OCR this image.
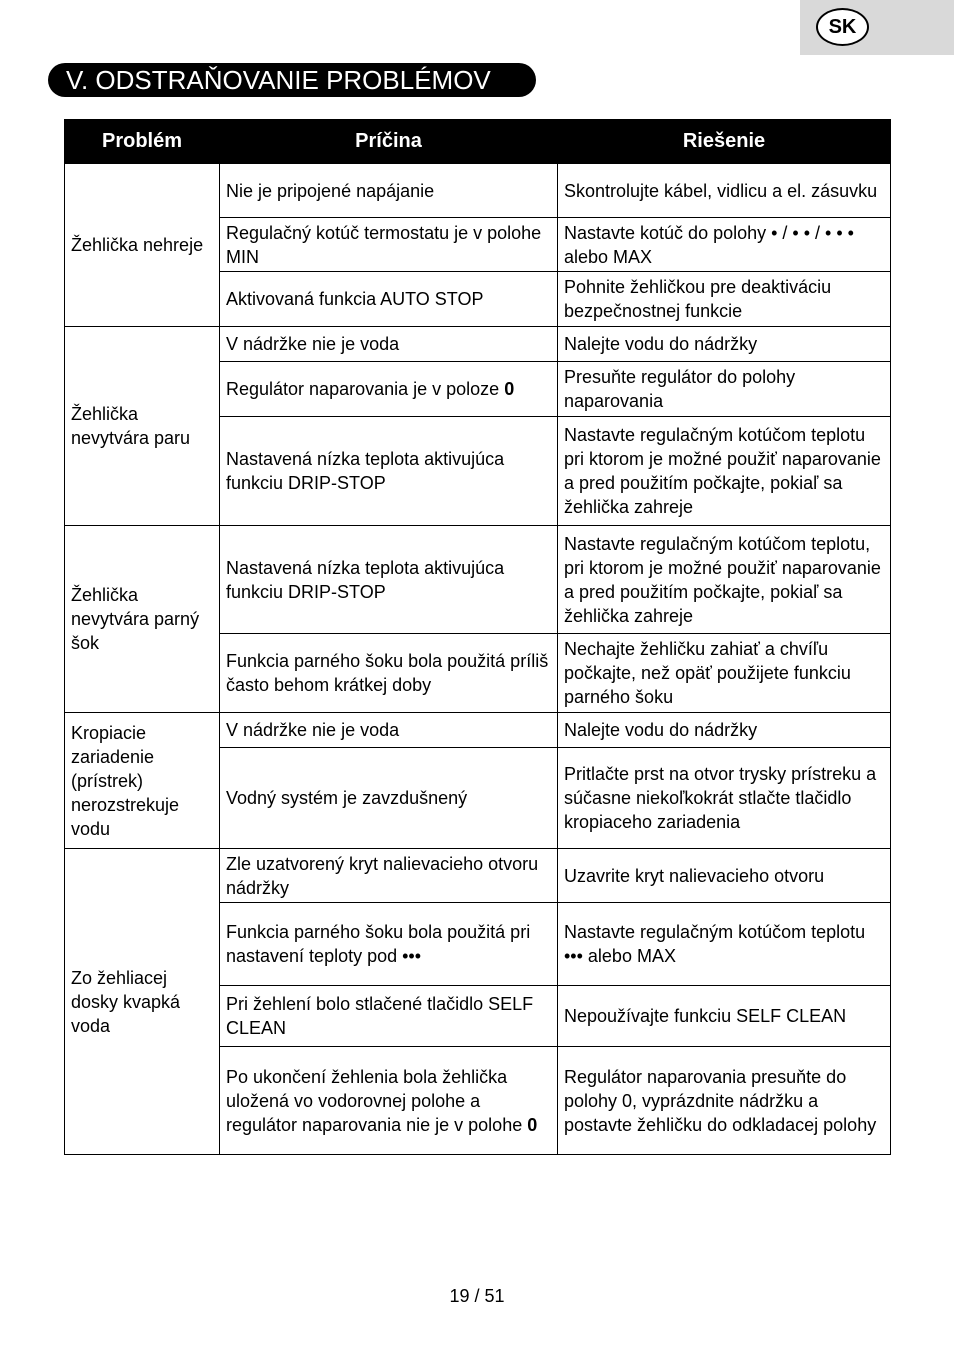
SK
V. ODSTRAŇOVANIE PROBLÉMOV
Problém	Príčina	Riešenie
Žehlička nehreje	Nie je pripojené napájanie	Skontrolujte kábel, vidlicu a el. zásuvku
	Regulačný kotúč termostatu je v polohe MIN	Nastavte kotúč do polohy • / • • / • • • alebo MAX
	Aktivovaná funkcia AUTO STOP	Pohnite žehličkou pre deaktiváciu bezpečnostnej funkcie
Žehlička nevytvára paru	V nádržke nie je voda	Nalejte vodu do nádržky
	Regulátor naparovania je v poloze 0	Presuňte regulátor do polohy naparovania
	Nastavená nízka teplota aktivujúca funkciu DRIP-STOP	Nastavte regulačným kotúčom teplotu pri ktorom je možné použiť naparovanie a pred použitím počkajte, pokiaľ sa žehlička zahreje
Žehlička nevytvára parný šok	Nastavená nízka teplota aktivujúca funkciu DRIP-STOP	Nastavte regulačným kotúčom teplotu, pri ktorom je možné použiť naparovanie a pred použitím počkajte, pokiaľ sa žehlička zahreje
	Funkcia parného šoku bola použitá príliš často behom krátkej doby	Nechajte žehličku zahiať a chvíľu počkajte, než opäť použijete funkciu parného šoku
Kropiacie zariadenie (prístrek) nerozstrekuje vodu	V nádržke nie je voda	Nalejte vodu do nádržky
	Vodný systém je zavzdušnený	Pritlačte prst na otvor trysky prístreku a súčasne niekoľkokrát stlačte tlačidlo kropiaceho zariadenia
Zo žehliacej dosky kvapká voda	Zle uzatvorený kryt nalievacieho otvoru nádržky	Uzavrite kryt nalievacieho otvoru
	Funkcia parného šoku bola použitá pri nastavení teploty pod •••	Nastavte regulačným kotúčom teplotu ••• alebo MAX
	Pri žehlení bolo stlačené tlačidlo SELF CLEAN	Nepoužívajte funkciu SELF CLEAN
	Po ukončení žehlenia bola žehlička uložená vo vodorovnej polohe a regulátor naparovania nie je v polohe 0	Regulátor naparovania presuňte do polohy 0, vyprázdnite nádržku a postavte žehličku do odkladacej polohy
19 / 51
